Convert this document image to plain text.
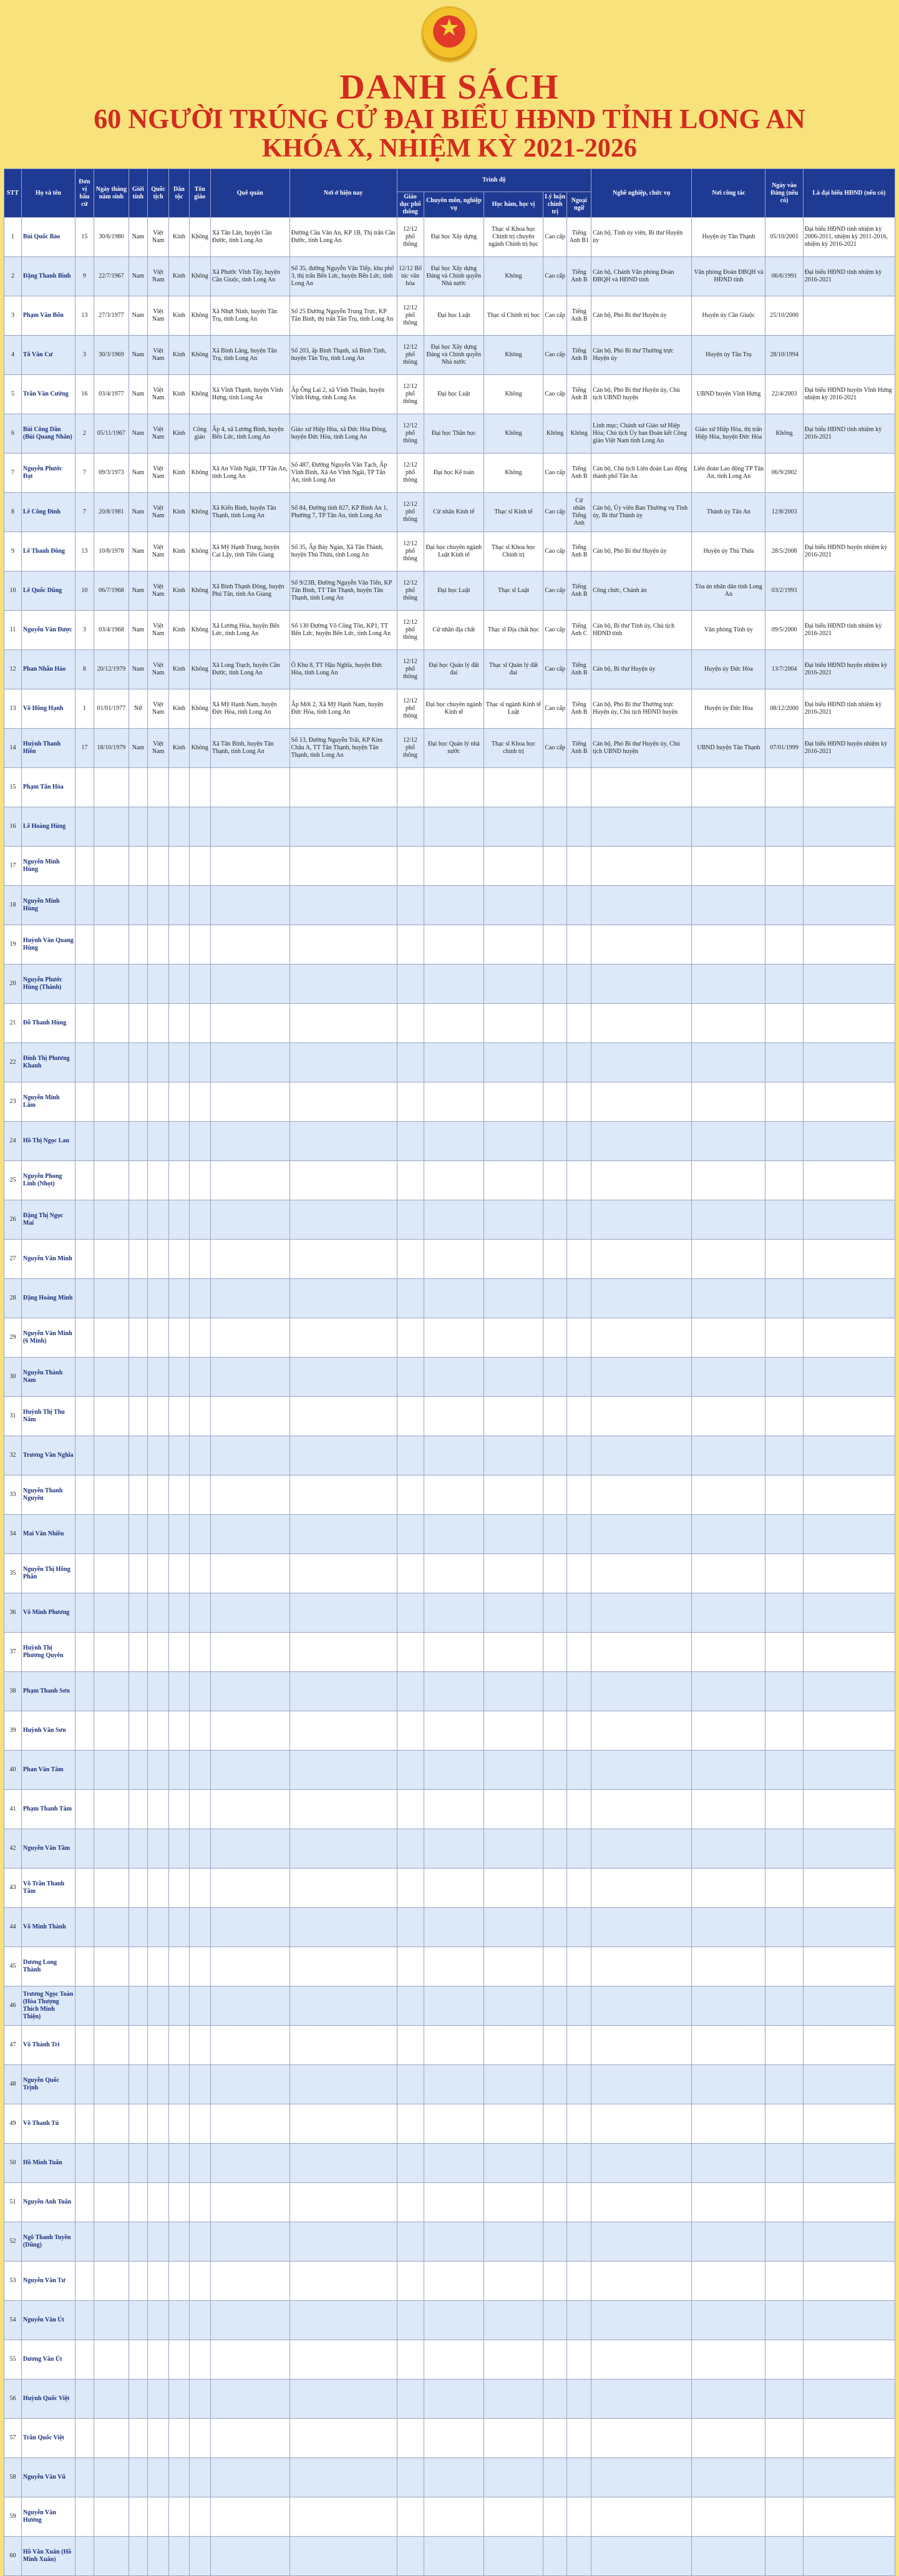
★
DANH SÁCH
60 NGƯỜI TRÚNG CỬ ĐẠI BIỂU HĐND TỈNH LONG AN
KHÓA X, NHIỆM KỲ 2021-2026
STT	Họ và tên	Đơn vị bầu cử	Ngày tháng năm sinh	Giới tính	Quốc tịch	Dân tộc	Tôn giáo	Quê quán	Nơi ở hiện nay	Trình độ					Nghề nghiệp, chức vụ	Nơi công tác	Ngày vào Đảng (nếu có)	Là đại biểu HĐND (nếu có)
										Giáo dục phổ thông	Chuyên môn, nghiệp vụ	Học hàm, học vị	Lý luận chính trị	Ngoại ngữ				
1	Bùi Quốc Bảo	15	30/6/1980	Nam	Việt Nam	Kinh	Không	Xã Tân Lân, huyện Cần Đước, tỉnh Long An	Đường Cầu Văn An, KP 1B, Thị trấn Cần Đước, tỉnh Long An	12/12 phổ thông	Đại học Xây dựng	Thạc sĩ Khoa học Chính trị chuyên ngành Chính trị học	Cao cấp	Tiếng Anh B1	Cán bộ, Tỉnh ủy viên, Bí thư Huyện ủy	Huyện ủy Tân Thạnh	05/10/2001	Đại biểu HĐND tỉnh nhiệm kỳ 2006-2011, nhiệm kỳ 2011-2016, nhiệm kỳ 2016-2021
2	Đặng Thanh Bình	9	22/7/1967	Nam	Việt Nam	Kinh	Không	Xã Phước Vĩnh Tây, huyện Cần Giuộc, tỉnh Long An	Số 35, đường Nguyễn Văn Tiếp, khu phố 3, thị trấn Bến Lức, huyện Bến Lức, tỉnh Long An	12/12 Bổ túc văn hóa	Đại học Xây dựng Đảng và Chính quyền Nhà nước	Không	Cao cấp	Tiếng Anh B	Cán bộ, Chánh Văn phòng Đoàn ĐBQH và HĐND tỉnh	Văn phòng Đoàn ĐBQH và HĐND tỉnh	06/6/1991	Đại biểu HĐND tỉnh nhiệm kỳ 2016-2021
3	Phạm Văn Bốn	13	27/3/1977	Nam	Việt Nam	Kinh	Không	Xã Nhựt Ninh, huyện Tân Trụ, tỉnh Long An	Số 25 Đường Nguyễn Trung Trực, KP Tân Bình, thị trấn Tân Trụ, tỉnh Long An	12/12 phổ thông	Đại học Luật	Thạc sĩ Chính trị học	Cao cấp	Tiếng Anh B	Cán bộ, Phó Bí thư Huyện ủy	Huyện ủy Cần Giuộc	25/10/2000	
4	Tô Văn Cư	3	30/3/1969	Nam	Việt Nam	Kinh	Không	Xã Bình Lãng, huyện Tân Trụ, tỉnh Long An	Số 203, ấp Bình Thạnh, xã Bình Tịnh, huyện Tân Trụ, tỉnh Long An	12/12 phổ thông	Đại học Xây dựng Đảng và Chính quyền Nhà nước	Không	Cao cấp	Tiếng Anh B	Cán bộ, Phó Bí thư Thường trực Huyện ủy	Huyện ủy Tân Trụ	28/10/1994	
5	Trần Văn Cường	16	03/4/1977	Nam	Việt Nam	Kinh	Không	Xã Vĩnh Thạnh, huyện Vĩnh Hưng, tỉnh Long An	Ấp Ông Lai 2, xã Vĩnh Thuận, huyện Vĩnh Hưng, tỉnh Long An	12/12 phổ thông	Đại học Luật	Không	Cao cấp	Tiếng Anh B	Cán bộ, Phó Bí thư Huyện ủy, Chủ tịch UBND huyện	UBND huyện Vĩnh Hưng	22/4/2003	Đại biểu HĐND huyện Vĩnh Hưng nhiệm kỳ 2016-2021
6	Bùi Công Dân (Bùi Quang Nhân)	2	05/11/1967	Nam	Việt Nam	Kinh	Công giáo	Ấp 4, xã Lương Bình, huyện Bến Lức, tỉnh Long An	Giáo xứ Hiệp Hòa, xã Đức Hòa Đông, huyện Đức Hòa, tỉnh Long An	12/12 phổ thông	Đại học Thần học	Không	Không	Không	Linh mục; Chánh xứ Giáo xứ Hiệp Hòa; Chủ tịch Ủy ban Đoàn kết Công giáo Việt Nam tỉnh Long An	Giáo xứ Hiệp Hòa, thị trấn Hiệp Hòa, huyện Đức Hòa	Không	Đại biểu HĐND tỉnh nhiệm kỳ 2016-2021
7	Nguyễn Phước Đạt	7	09/3/1973	Nam	Việt Nam	Kinh	Không	Xã An Vĩnh Ngãi, TP Tân An, tỉnh Long An	Số 487, Đường Nguyễn Văn Tạch, Ấp Vĩnh Bình, Xã An Vĩnh Ngãi, TP Tân An, tỉnh Long An	12/12 phổ thông	Đại học Kế toán	Không	Cao cấp	Tiếng Anh B	Cán bộ, Chủ tịch Liên đoàn Lao động thành phố Tân An	Liên đoàn Lao động TP Tân An, tỉnh Long An	06/9/2002	
8	Lê Công Đỉnh	7	20/8/1981	Nam	Việt Nam	Kinh	Không	Xã Kiến Bình, huyện Tân Thạnh, tỉnh Long An	Số 84, Đường tỉnh 827, KP Bình An 1, Phường 7, TP Tân An, tỉnh Long An	12/12 phổ thông	Cử nhân Kinh tế	Thạc sĩ Kinh tế	Cao cấp	Cử nhân Tiếng Anh	Cán bộ, Ủy viên Ban Thường vụ Tỉnh ủy, Bí thư Thành ủy	Thành ủy Tân An	12/8/2003	
9	Lê Thanh Đồng	13	10/8/1978	Nam	Việt Nam	Kinh	Không	Xã Mỹ Hạnh Trung, huyện Cai Lậy, tỉnh Tiền Giang	Số 35, Ấp Bảy Ngàn, Xã Tân Thành, huyện Thủ Thừa, tỉnh Long An	12/12 phổ thông	Đại học chuyên ngành Luật Kinh tế	Thạc sĩ Khoa học Chính trị	Cao cấp	Tiếng Anh B	Cán bộ, Phó Bí thư Huyện ủy	Huyện ủy Thủ Thừa	28/5/2008	Đại biểu HĐND huyện nhiệm kỳ 2016-2021
10	Lê Quốc Dũng	10	06/7/1968	Nam	Việt Nam	Kinh	Không	Xã Bình Thạnh Đông, huyện Phú Tân, tỉnh An Giang	Số 9/23B, Đường Nguyễn Văn Tiến, KP Tân Bình, TT Tân Thạnh, huyện Tân Thạnh, tỉnh Long An	12/12 phổ thông	Đại học Luật	Thạc sĩ Luật	Cao cấp	Tiếng Anh B	Công chức, Chánh án	Tòa án nhân dân tỉnh Long An	03/2/1993	
11	Nguyễn Văn Được	3	03/4/1968	Nam	Việt Nam	Kinh	Không	Xã Lương Hòa, huyện Bến Lức, tỉnh Long An	Số 130 Đường Võ Công Tồn, KP1, TT Bến Lức, huyện Bến Lức, tỉnh Long An	12/12 phổ thông	Cử nhân địa chất	Thạc sĩ Địa chất học	Cao cấp	Tiếng Anh C	Cán bộ, Bí thư Tỉnh ủy, Chủ tịch HĐND tỉnh	Văn phòng Tỉnh ủy	09/5/2000	Đại biểu HĐND tỉnh nhiệm kỳ 2016-2021
12	Phan Nhẫn Hào	8	20/12/1979	Nam	Việt Nam	Kinh	Không	Xã Long Trạch, huyện Cần Đước, tỉnh Long An	Ô Khu 8, TT Hậu Nghĩa, huyện Đức Hòa, tỉnh Long An	12/12 phổ thông	Đại học Quản lý đất đai	Thạc sĩ Quản lý đất đai	Cao cấp	Tiếng Anh B	Cán bộ, Bí thư Huyện ủy	Huyện ủy Đức Hòa	13/7/2004	Đại biểu HĐND huyện nhiệm kỳ 2016-2021
13	Võ Hồng Hạnh	1	01/01/1977	Nữ	Việt Nam	Kinh	Không	Xã Mỹ Hạnh Nam, huyện Đức Hòa, tỉnh Long An	Ấp Mới 2, Xã Mỹ Hạnh Nam, huyện Đức Hòa, tỉnh Long An	12/12 phổ thông	Đại học chuyên ngành Kinh tế	Thạc sĩ ngành Kinh tế Luật	Cao cấp	Tiếng Anh B	Cán bộ, Phó Bí thư Thường trực Huyện ủy, Chủ tịch HĐND huyện	Huyện ủy Đức Hòa	08/12/2000	Đại biểu HĐND tỉnh nhiệm kỳ 2016-2021
14	Huỳnh Thanh Hiền	17	18/10/1979	Nam	Việt Nam	Kinh	Không	Xã Tân Bình, huyện Tân Thạnh, tỉnh Long An	Số 13, Đường Nguyễn Trãi, KP Kim Châu A, TT Tân Thạnh, huyện Tân Thạnh, tỉnh Long An	12/12 phổ thông	Đại học Quản lý nhà nước	Thạc sĩ Khoa học chính trị	Cao cấp	Tiếng Anh B	Cán bộ, Phó Bí thư Huyện ủy, Chủ tịch UBND huyện	UBND huyện Tân Thạnh	07/01/1999	Đại biểu HĐND huyện nhiệm kỳ 2016-2021
15	Phạm Tấn Hòa																	
16	Lê Hoàng Hùng																	
17	Nguyễn Minh Hùng																	
18	Nguyễn Minh Hùng																	
19	Huỳnh Văn Quang Hùng																	
20	Nguyễn Phước Hùng (Thành)																	
21	Đỗ Thanh Hùng																	
22	Đinh Thị Phương Khanh																	
23	Nguyễn Minh Lâm																	
24	Hồ Thị Ngọc Lan																	
25	Nguyễn Phong Linh (Nhọt)																	
26	Đặng Thị Ngọc Mai																	
27	Nguyễn Văn Minh																	
28	Đặng Hoàng Minh																	
29	Nguyễn Văn Minh (6 Minh)																	
30	Nguyễn Thành Nam																	
31	Huỳnh Thị Thu Năm																	
32	Trương Văn Nghĩa																	
33	Nguyễn Thanh Nguyên																	
34	Mai Văn Nhiều																	
35	Nguyễn Thị Hồng Phấn																	
36	Võ Minh Phương																	
37	Huỳnh Thị Phương Quyên																	
38	Phạm Thanh Sơn																	
39	Huỳnh Văn Sơn																	
40	Phan Văn Tâm																	
41	Phạm Thanh Tâm																	
42	Nguyễn Văn Tâm																	
43	Võ Trần Thanh Tâm																	
44	Võ Minh Thành																	
45	Dương Long Thành																	
46	Trương Ngọc Toàn (Hòa Thượng Thích Minh Thiện)																	
47	Võ Thành Trí																	
48	Nguyễn Quốc Trịnh																	
49	Võ Thanh Tú																	
50	Hồ Minh Tuấn																	
51	Nguyễn Anh Tuấn																	
52	Ngô Thanh Tuyền (Dũng)																	
53	Nguyễn Văn Tư																	
54	Nguyễn Văn Út																	
55	Dương Văn Út																	
56	Huỳnh Quốc Việt																	
57	Trần Quốc Việt																	
58	Nguyễn Văn Vũ																	
59	Nguyễn Văn Hưởng																	
60	Hồ Văn Xuân (Hồ Minh Xuân)																	
